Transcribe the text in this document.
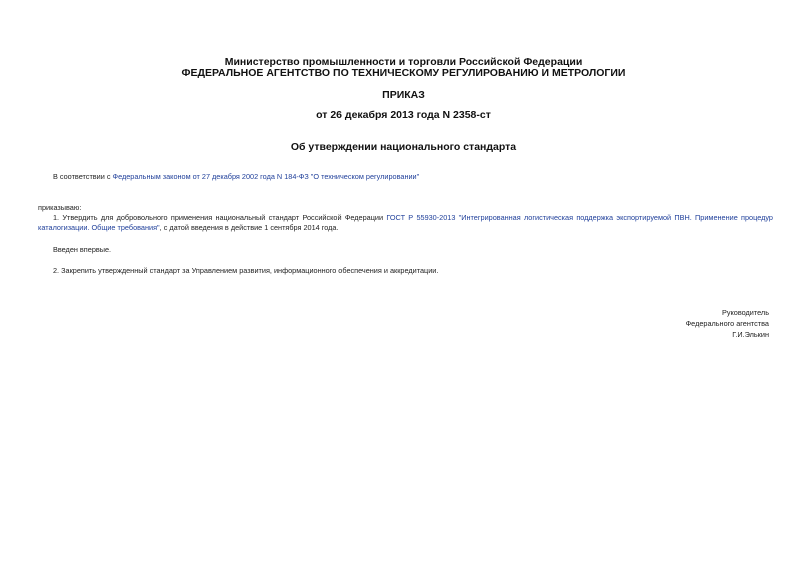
Министерство промышленности и торговли Российской Федерации
ФЕДЕРАЛЬНОЕ АГЕНТСТВО ПО ТЕХНИЧЕСКОМУ РЕГУЛИРОВАНИЮ И МЕТРОЛОГИИ
ПРИКАЗ
от 26 декабря 2013 года N 2358-ст
Об утверждении национального стандарта
В соответствии с Федеральным законом от 27 декабря 2002 года N 184-ФЗ "О техническом регулировании"
приказываю:
1. Утвердить для добровольного применения национальный стандарт Российской Федерации ГОСТ Р 55930-2013 "Интегрированная логистическая поддержка экспортируемой ПВН. Применение процедур каталогизации. Общие требования", с датой введения в действие 1 сентября 2014 года.
Введен впервые.
2. Закрепить утвержденный стандарт за Управлением развития, информационного обеспечения и аккредитации.
Руководитель
Федерального агентства
Г.И.Элькин
